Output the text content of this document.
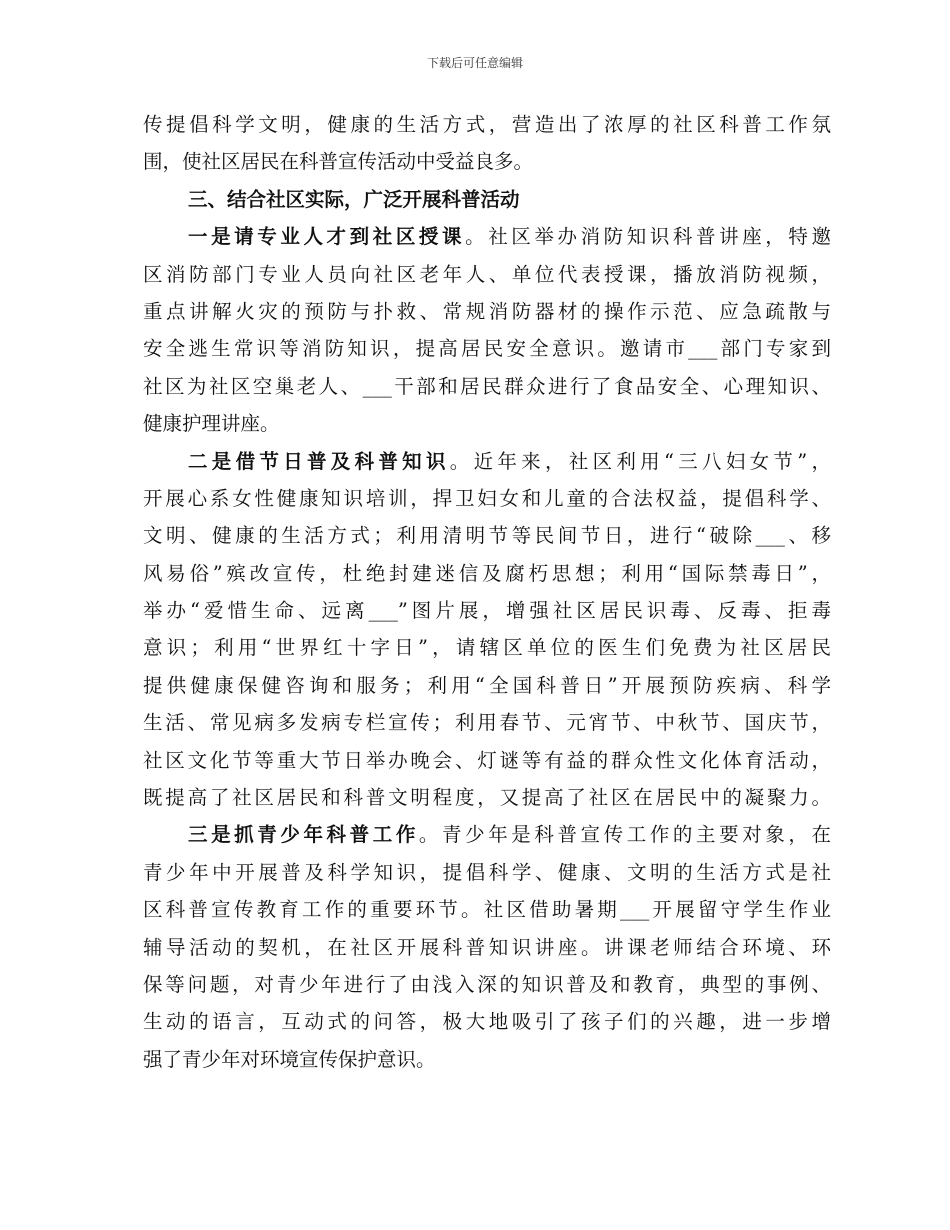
下载后可任意编辑
传提倡科学文明，健康的生活方式，营造出了浓厚的社区科普工作氛
围，使社区居民在科普宣传活动中受益良多。
三、结合社区实际，广泛开展科普活动
一是请专业人才到社区授课。社区举办消防知识科普讲座，特邀
区消防部门专业人员向社区老年人、单位代表授课，播放消防视频，
重点讲解火灾的预防与扑救、常规消防器材的操作示范、应急疏散与
安全逃生常识等消防知识，提高居民安全意识。邀请市___部门专家到
社区为社区空巢老人、___干部和居民群众进行了食品安全、心理知识、
健康护理讲座。
二是借节日普及科普知识。近年来，社区利用“三八妇女节”，
开展心系女性健康知识培训，捍卫妇女和儿童的合法权益，提倡科学、
文明、健康的生活方式；利用清明节等民间节日，进行“破除___、移
风易俗”殡改宣传，杜绝封建迷信及腐朽思想；利用“国际禁毒日”，
举办“爱惜生命、远离___”图片展，增强社区居民识毒、反毒、拒毒
意识；利用“世界红十字日”，请辖区单位的医生们免费为社区居民
提供健康保健咨询和服务；利用“全国科普日”开展预防疾病、科学
生活、常见病多发病专栏宣传；利用春节、元宵节、中秋节、国庆节，
社区文化节等重大节日举办晚会、灯谜等有益的群众性文化体育活动，
既提高了社区居民和科普文明程度，又提高了社区在居民中的凝聚力。
三是抓青少年科普工作。青少年是科普宣传工作的主要对象，在
青少年中开展普及科学知识，提倡科学、健康、文明的生活方式是社
区科普宣传教育工作的重要环节。社区借助暑期___开展留守学生作业
辅导活动的契机，在社区开展科普知识讲座。讲课老师结合环境、环
保等问题，对青少年进行了由浅入深的知识普及和教育，典型的事例、
生动的语言，互动式的问答，极大地吸引了孩子们的兴趣，进一步增
强了青少年对环境宣传保护意识。
